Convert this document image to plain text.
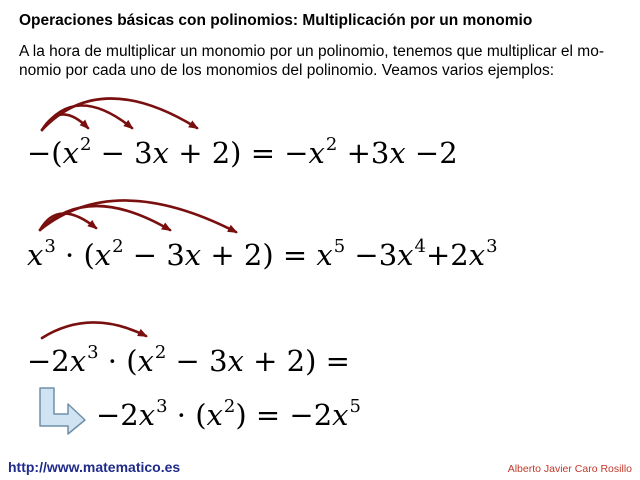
Operaciones básicas con polinomios: Multiplicación por un monomio
A la hora de multiplicar un monomio por un polinomio, tenemos que multiplicar el mo-
nomio por cada uno de los monomios del polinomio. Veamos varios ejemplos:
$-(x^2 - 3x + 2) = -x^2 +3x -2$
$x^3 \cdot (x^2 - 3x + 2) = x^5 -3x^4+2x^3$
$-2x^3 \cdot (x^2 - 3x + 2)$ =
$-2x^3 \cdot (x^2) = -2x^5$
http://www.matematico.es	Alberto Javier Caro Rosillo
